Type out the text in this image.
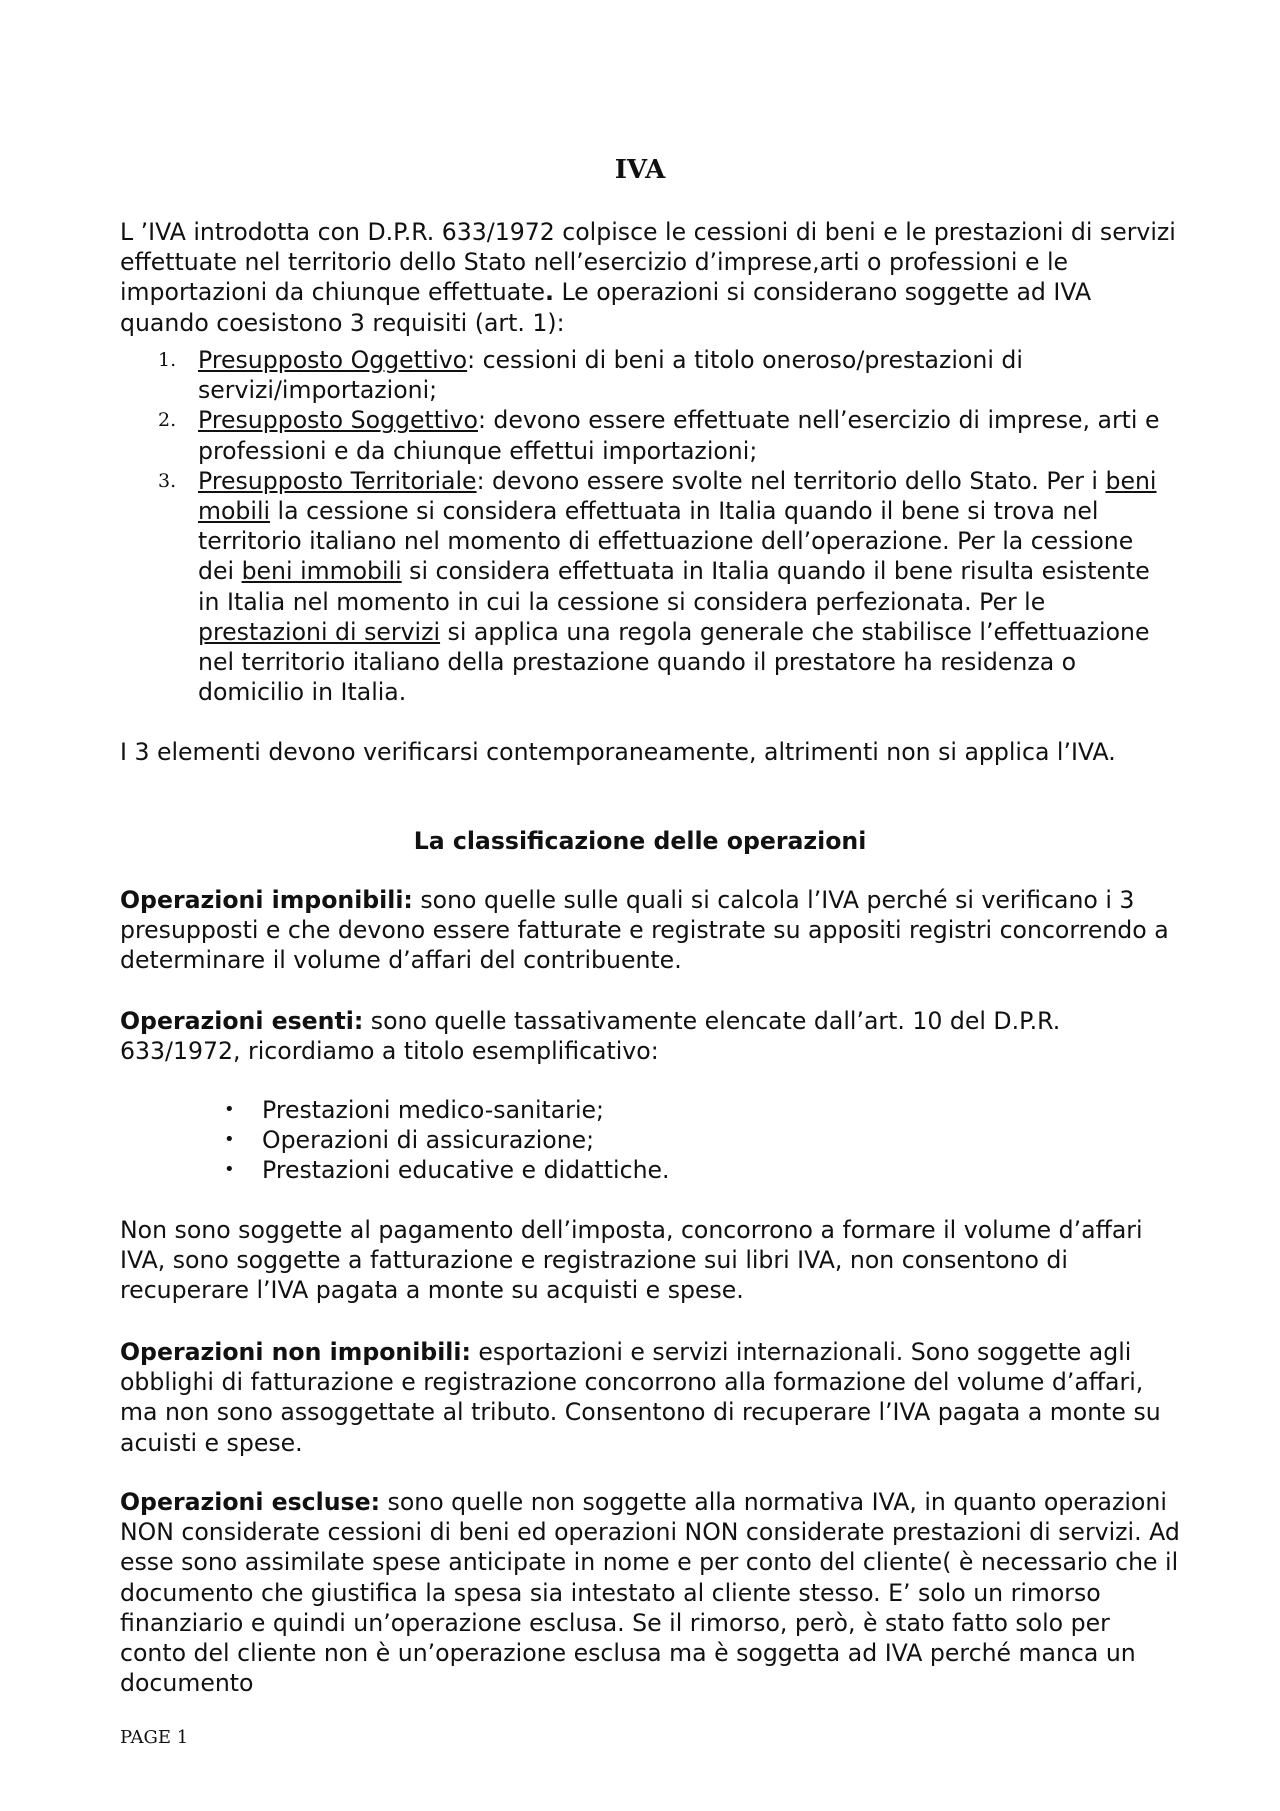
IVA
L ’IVA introdotta con D.P.R. 633/1972 colpisce le cessioni di beni e le prestazioni di servizi effettuate nel territorio dello Stato nell’esercizio d’imprese,arti o professioni e le importazioni da chiunque effettuate. Le operazioni si considerano soggette ad IVA quando coesistono 3 requisiti (art. 1):
1. Presupposto Oggettivo: cessioni di beni a titolo oneroso/prestazioni di servizi/importazioni;
2. Presupposto Soggettivo: devono essere effettuate nell’esercizio di imprese, arti e professioni e da chiunque effettui importazioni;
3. Presupposto Territoriale: devono essere svolte nel territorio dello Stato. Per i beni mobili la cessione si considera effettuata in Italia quando il bene si trova nel territorio italiano nel momento di effettuazione dell’operazione. Per la cessione dei beni immobili si considera effettuata in Italia quando il bene risulta esistente in Italia nel momento in cui la cessione si considera perfezionata. Per le prestazioni di servizi si applica una regola generale che stabilisce l’effettuazione nel territorio italiano della prestazione quando il prestatore ha residenza o domicilio in Italia.
I 3 elementi devono verificarsi contemporaneamente, altrimenti non si applica l’IVA.
La classificazione delle operazioni
Operazioni imponibili: sono quelle sulle quali si calcola l’IVA perché si verificano i 3 presupposti e che devono essere fatturate e registrate su appositi registri concorrendo a determinare il volume d’affari del contribuente.
Operazioni esenti: sono quelle tassativamente elencate dall’art. 10 del D.P.R. 633/1972, ricordiamo a titolo esemplificativo:
• Prestazioni medico-sanitarie;
• Operazioni di assicurazione;
• Prestazioni educative e didattiche.
Non sono soggette al pagamento dell’imposta, concorrono a formare il volume d’affari IVA, sono soggette a fatturazione e registrazione sui libri IVA, non consentono di recuperare l’IVA pagata a monte su acquisti e spese.
Operazioni non imponibili: esportazioni e servizi internazionali. Sono soggette agli obblighi di fatturazione e registrazione concorrono alla formazione del volume d’affari, ma non sono assoggettate al tributo. Consentono di recuperare l’IVA pagata a monte su acuisti e spese.
Operazioni escluse: sono quelle non soggette alla normativa IVA, in quanto operazioni NON considerate cessioni di beni ed operazioni NON considerate prestazioni di servizi. Ad esse sono assimilate spese anticipate in nome e per conto del cliente( è necessario che il documento che giustifica la spesa sia intestato al cliente stesso. E’ solo un rimorso finanziario e quindi un’operazione esclusa. Se il rimorso, però, è stato fatto solo per conto del cliente non è un’operazione esclusa ma è soggetta ad IVA perché manca un documento
PAGE 1
